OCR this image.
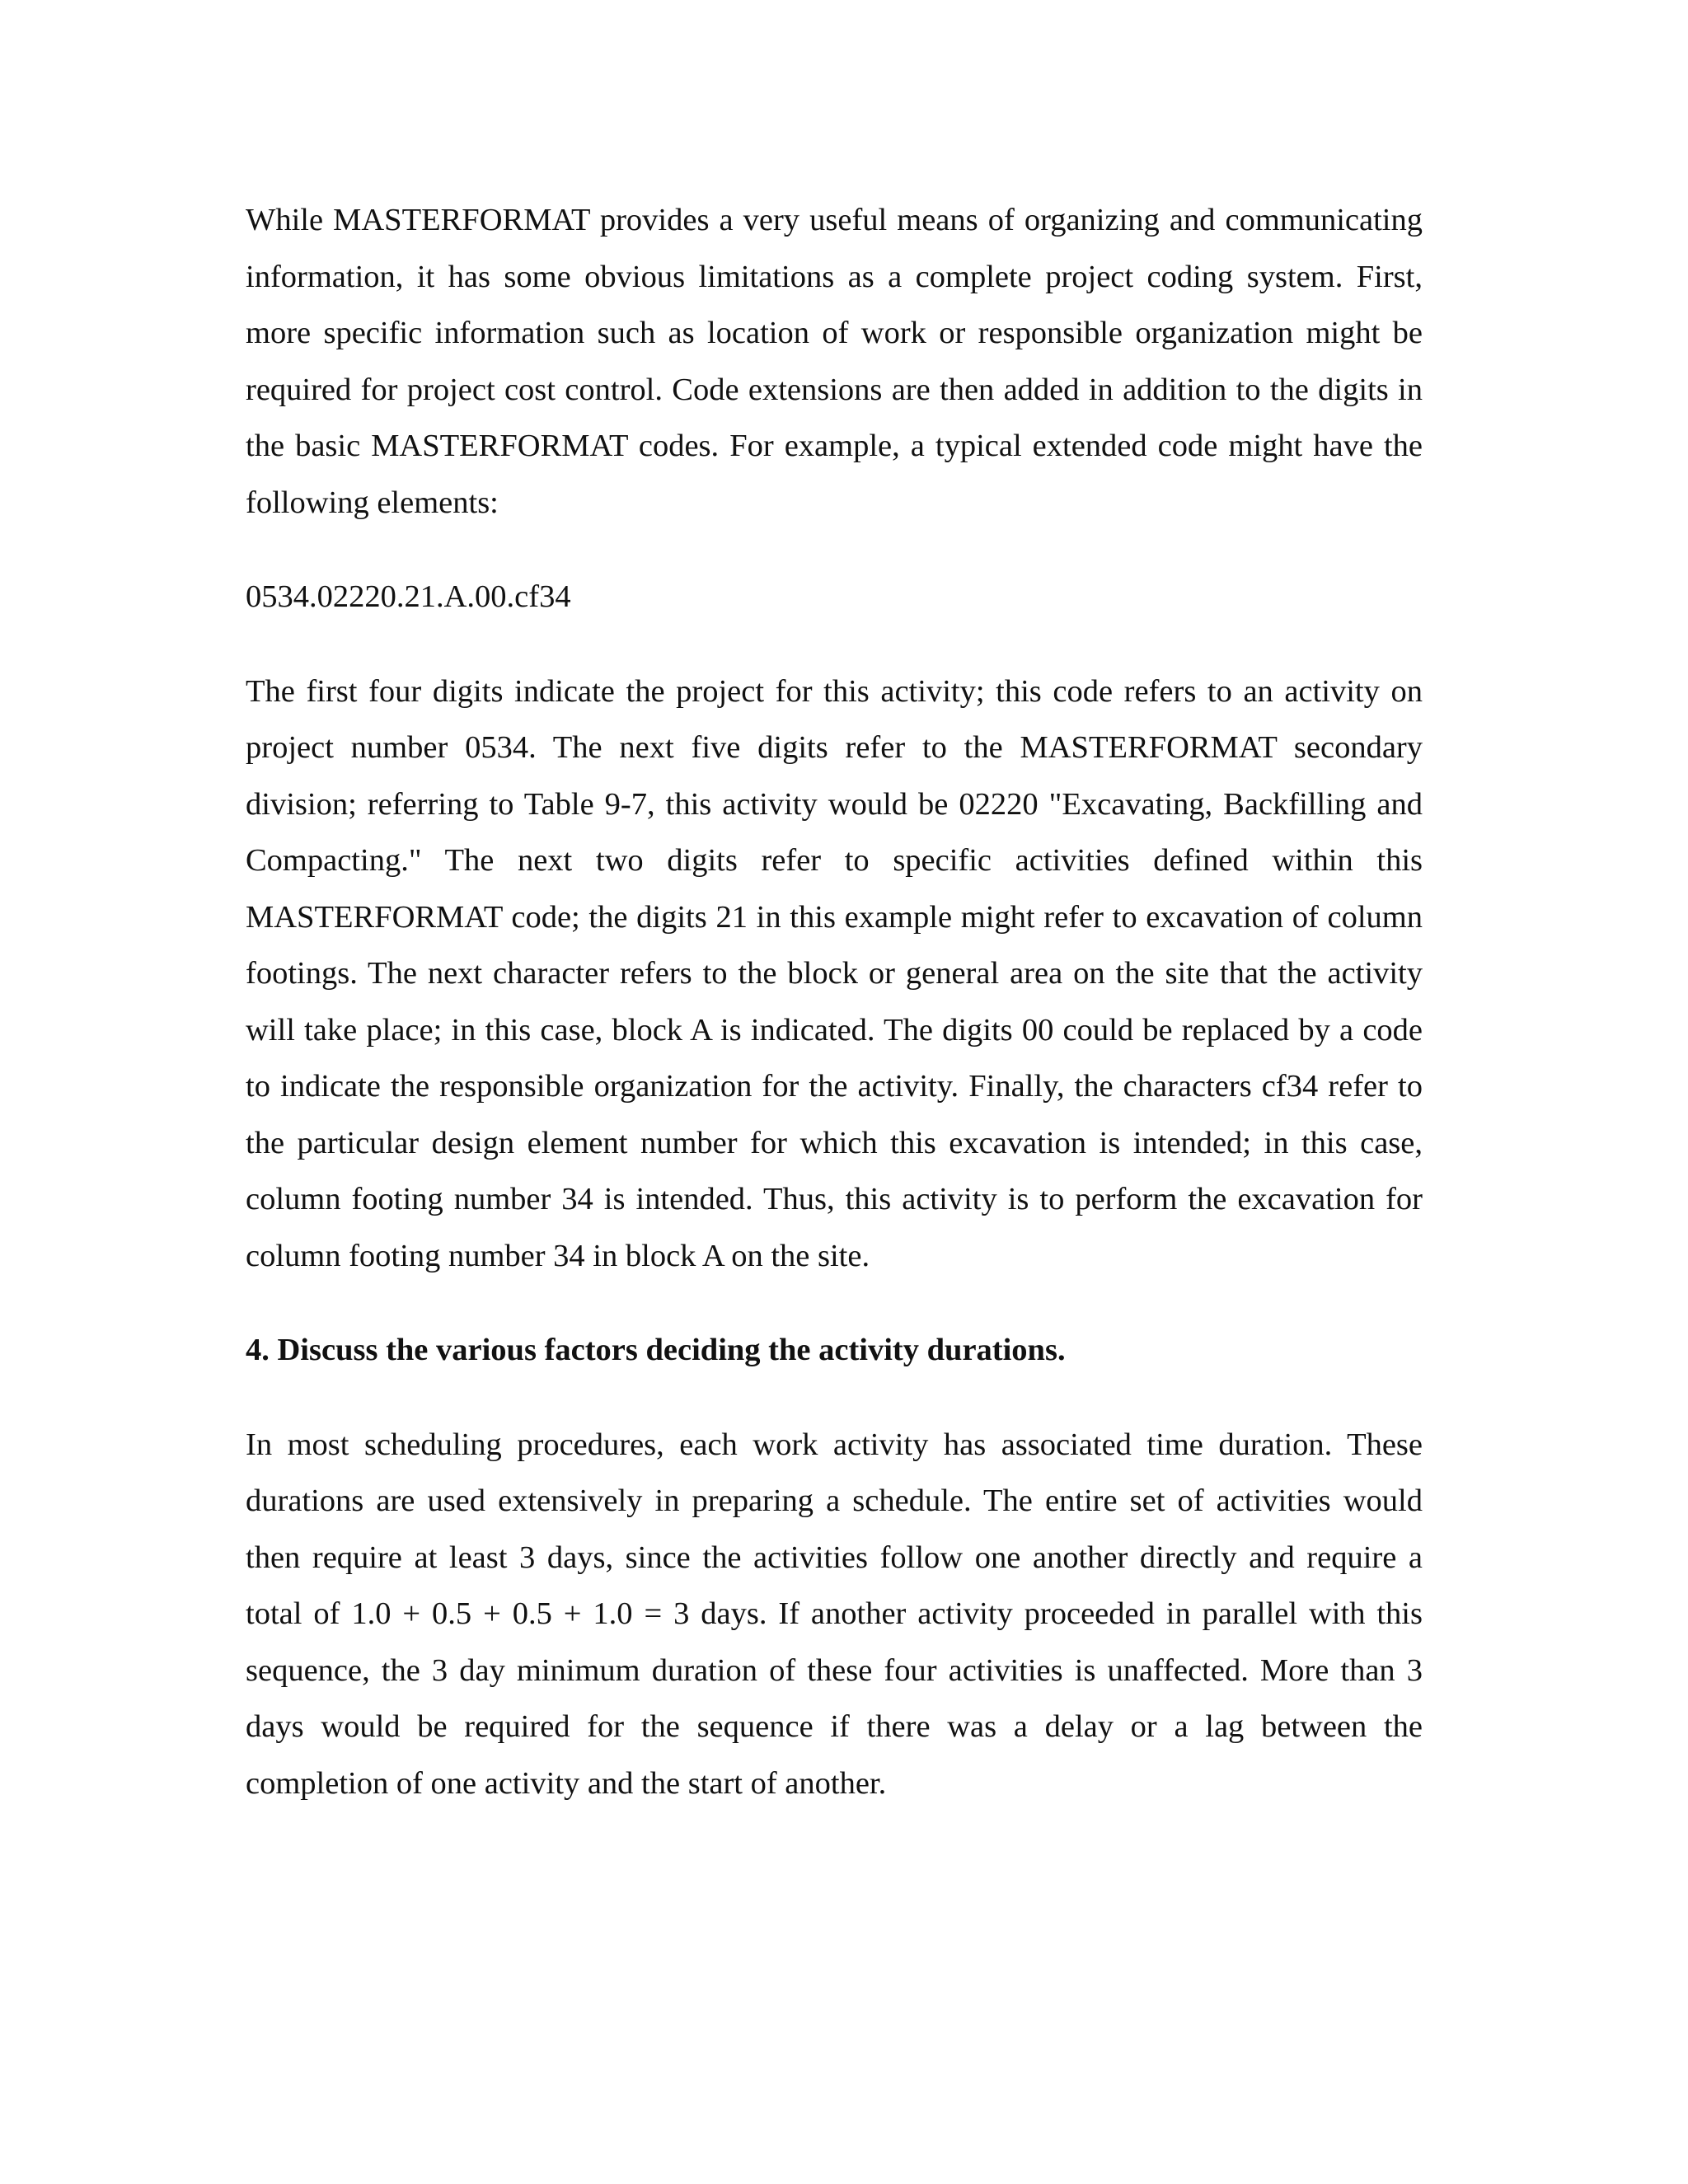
While MASTERFORMAT provides a very useful means of organizing and communicating information, it has some obvious limitations as a complete project coding system. First, more specific information such as location of work or responsible organization might be required for project cost control. Code extensions are then added in addition to the digits in the basic MASTERFORMAT codes. For example, a typical extended code might have the following elements:

0534.02220.21.A.00.cf34

The first four digits indicate the project for this activity; this code refers to an activity on project number 0534. The next five digits refer to the MASTERFORMAT secondary division; referring to Table 9-7, this activity would be 02220 "Excavating, Backfilling and Compacting." The next two digits refer to specific activities defined within this MASTERFORMAT code; the digits 21 in this example might refer to excavation of column footings. The next character refers to the block or general area on the site that the activity will take place; in this case, block A is indicated. The digits 00 could be replaced by a code to indicate the responsible organization for the activity. Finally, the characters cf34 refer to the particular design element number for which this excavation is intended; in this case, column footing number 34 is intended. Thus, this activity is to perform the excavation for column footing number 34 in block A on the site.

4. Discuss the various factors deciding the activity durations.

In most scheduling procedures, each work activity has associated time duration. These durations are used extensively in preparing a schedule. The entire set of activities would then require at least 3 days, since the activities follow one another directly and require a total of 1.0 + 0.5 + 0.5 + 1.0 = 3 days. If another activity proceeded in parallel with this sequence, the 3 day minimum duration of these four activities is unaffected. More than 3 days would be required for the sequence if there was a delay or a lag between the completion of one activity and the start of another.
